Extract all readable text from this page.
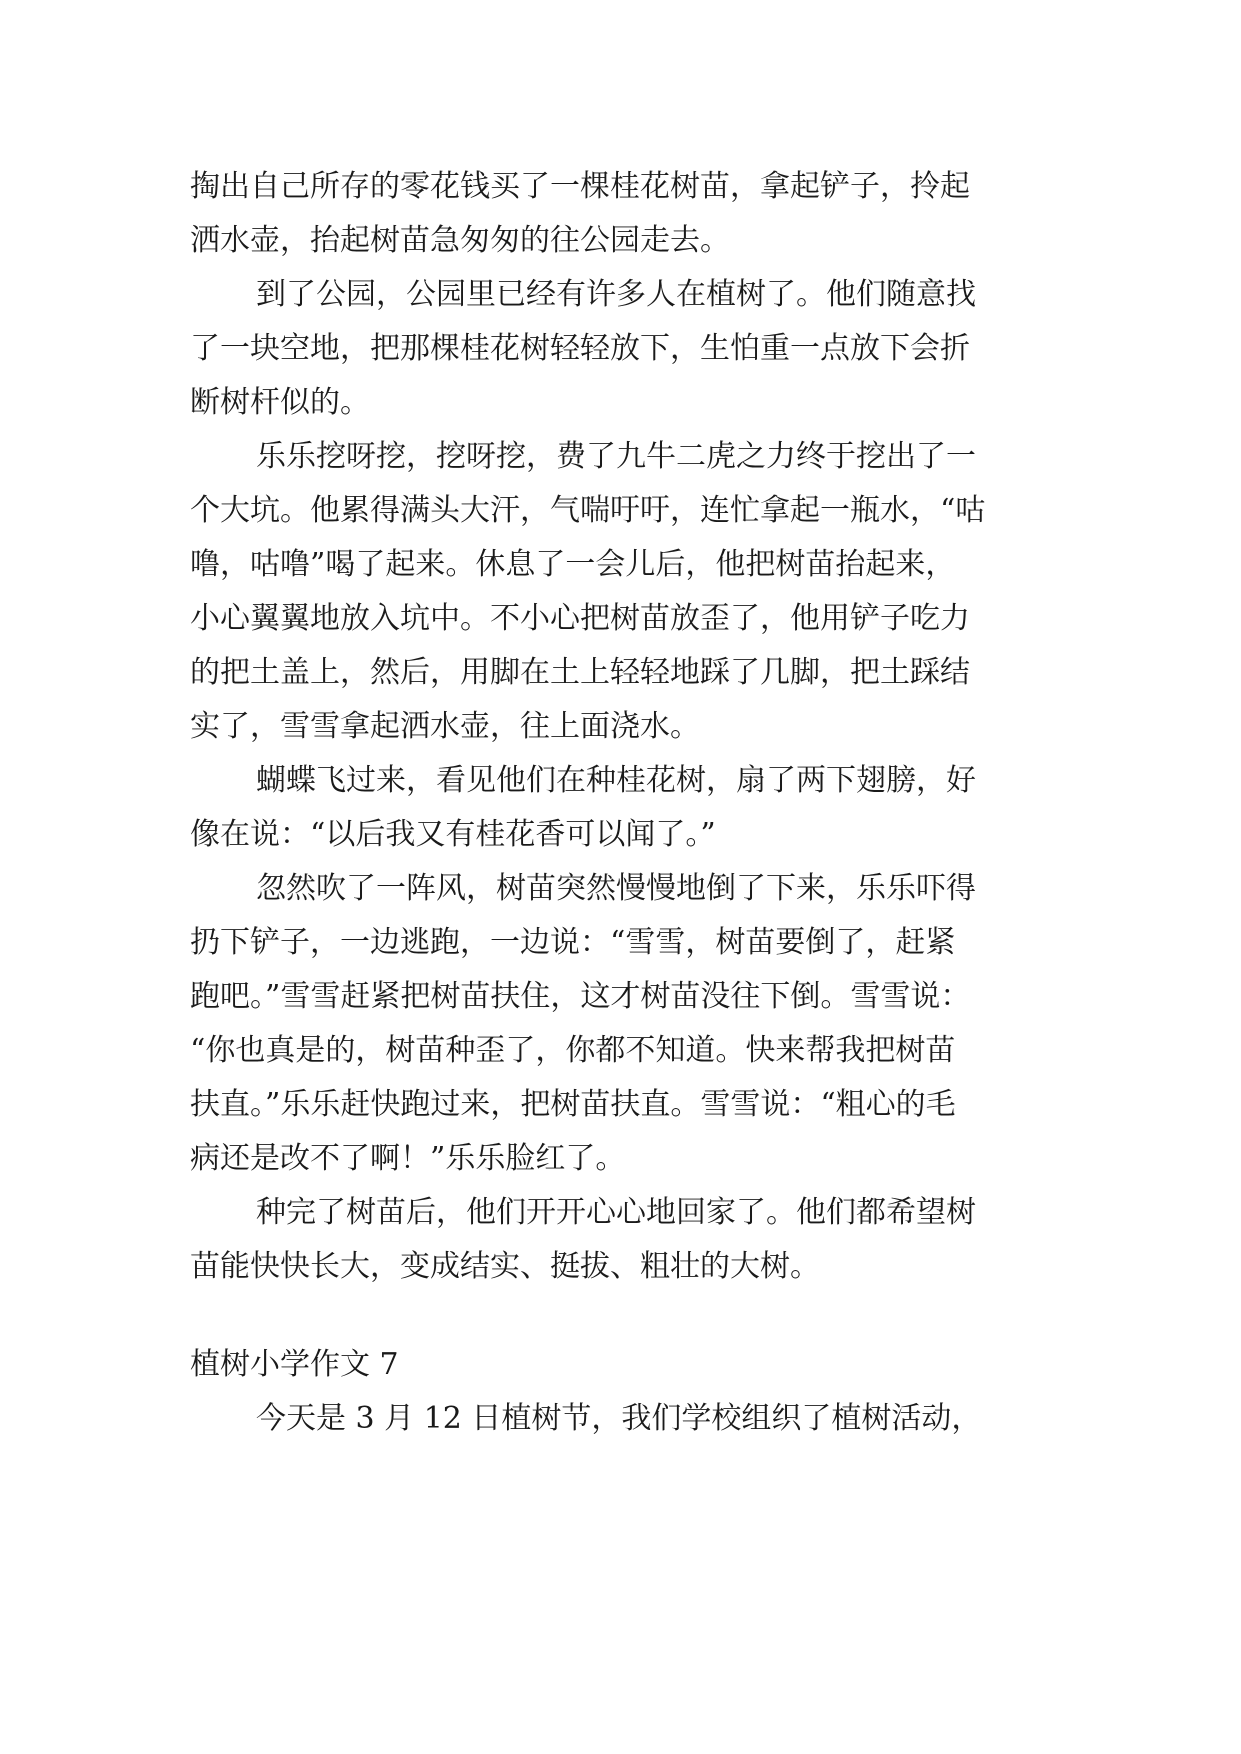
掏出自己所存的零花钱买了一棵桂花树苗，拿起铲子，拎起
洒水壶，抬起树苗急匆匆的往公园走去。
到了公园，公园里已经有许多人在植树了。他们随意找
了一块空地，把那棵桂花树轻轻放下，生怕重一点放下会折
断树杆似的。
乐乐挖呀挖，挖呀挖，费了九牛二虎之力终于挖出了一
个大坑。他累得满头大汗，气喘吁吁，连忙拿起一瓶水，“咕
噜，咕噜”喝了起来。休息了一会儿后，他把树苗抬起来，
小心翼翼地放入坑中。不小心把树苗放歪了，他用铲子吃力
的把土盖上，然后，用脚在土上轻轻地踩了几脚，把土踩结
实了，雪雪拿起洒水壶，往上面浇水。
蝴蝶飞过来，看见他们在种桂花树，扇了两下翅膀，好
像在说：“以后我又有桂花香可以闻了。”
忽然吹了一阵风，树苗突然慢慢地倒了下来，乐乐吓得
扔下铲子，一边逃跑，一边说：“雪雪，树苗要倒了，赶紧
跑吧。”雪雪赶紧把树苗扶住，这才树苗没往下倒。雪雪说：
“你也真是的，树苗种歪了，你都不知道。快来帮我把树苗
扶直。”乐乐赶快跑过来，把树苗扶直。雪雪说：“粗心的毛
病还是改不了啊！”乐乐脸红了。
种完了树苗后，他们开开心心地回家了。他们都希望树
苗能快快长大，变成结实、挺拔、粗壮的大树。
植树小学作文 7
今天是 3 月 12 日植树节，我们学校组织了植树活动，
